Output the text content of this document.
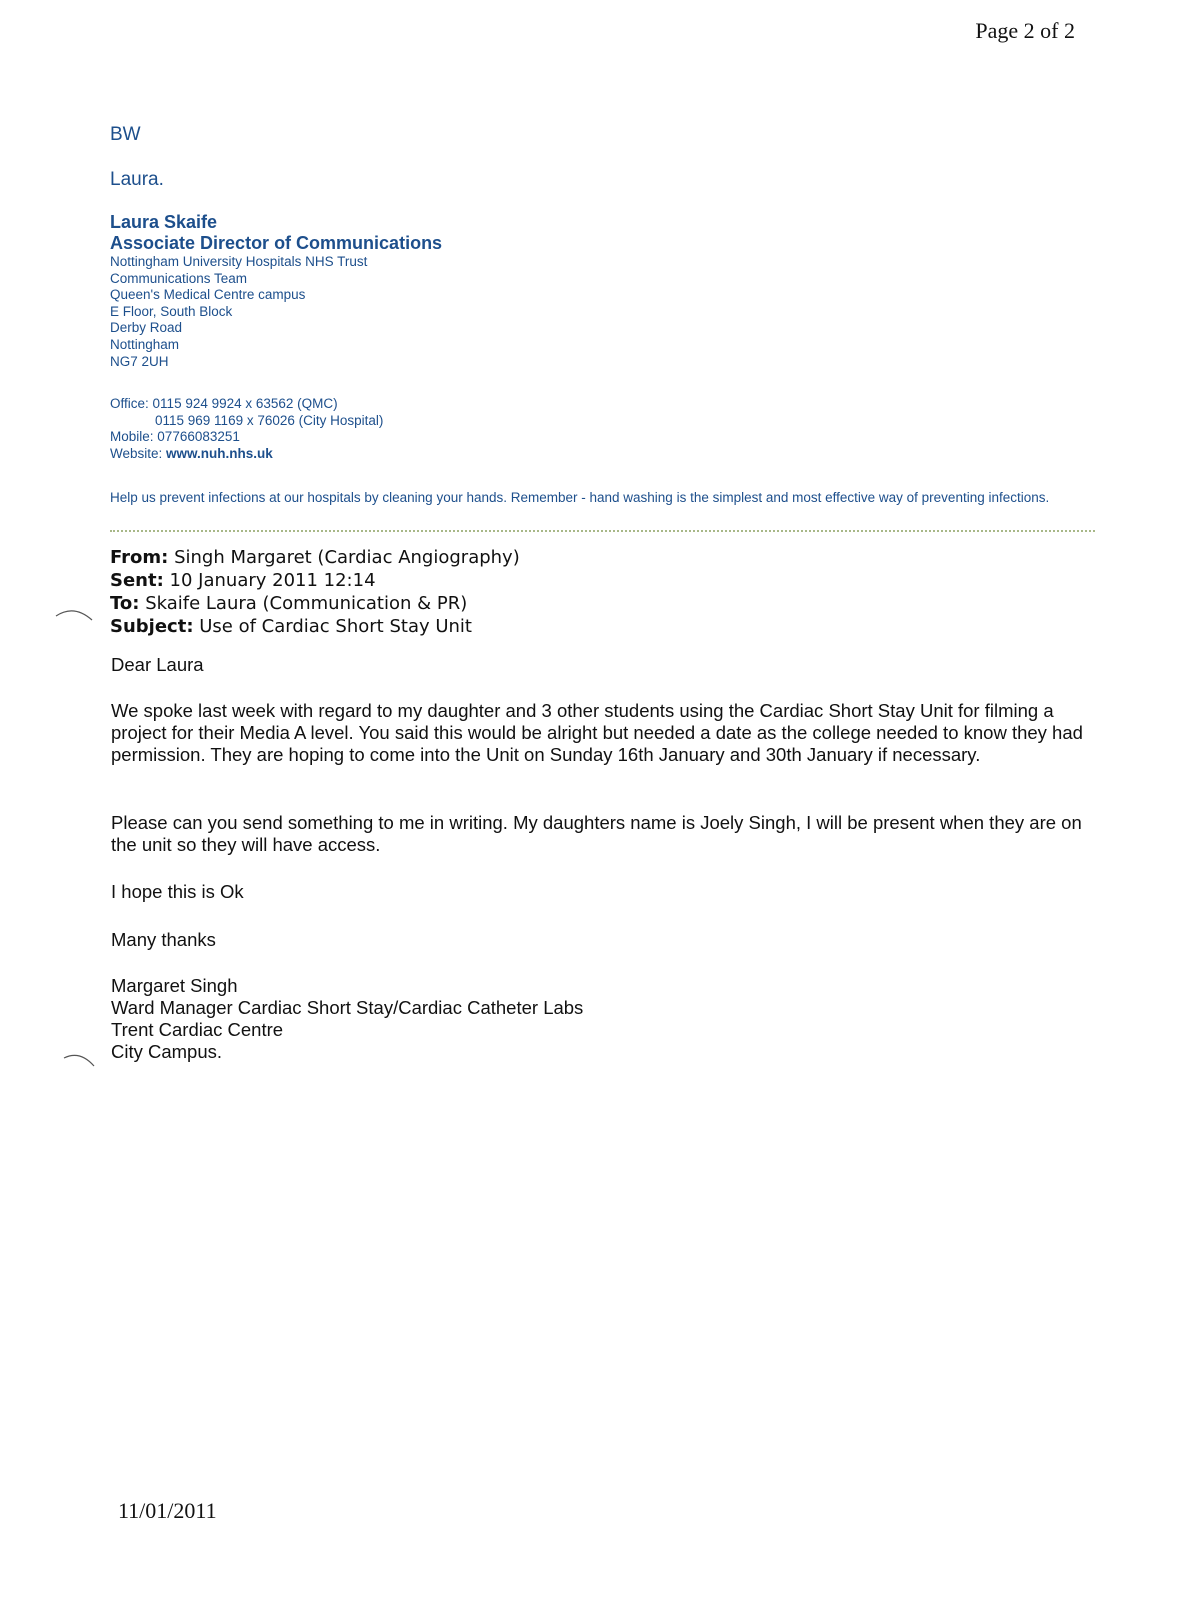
Page 2 of 2
BW
Laura.
Laura Skaife
Associate Director of Communications
Nottingham University Hospitals NHS Trust
Communications Team
Queen's Medical Centre campus
E Floor, South Block
Derby Road
Nottingham
NG7 2UH
Office: 0115 924 9924 x 63562 (QMC)
0115 969 1169 x 76026 (City Hospital)
Mobile: 07766083251
Website: www.nuh.nhs.uk
Help us prevent infections at our hospitals by cleaning your hands. Remember - hand washing is the simplest and most effective way of preventing infections.
From: Singh Margaret (Cardiac Angiography)
Sent: 10 January 2011 12:14
To: Skaife Laura (Communication & PR)
Subject: Use of Cardiac Short Stay Unit
Dear Laura
We spoke last week with regard to my daughter and 3 other students using the Cardiac Short Stay Unit for filming a project for their Media A level. You said this would be alright but needed a date as the college needed to know they had permission. They are hoping to come into the Unit on Sunday 16th January and 30th January if necessary.
Please can you send something to me in writing. My daughters name is Joely Singh, I will be present when they are on the unit so they will have access.
I hope this is Ok
Many thanks
Margaret Singh
Ward Manager Cardiac Short Stay/Cardiac Catheter Labs
Trent Cardiac Centre
City Campus.
11/01/2011
